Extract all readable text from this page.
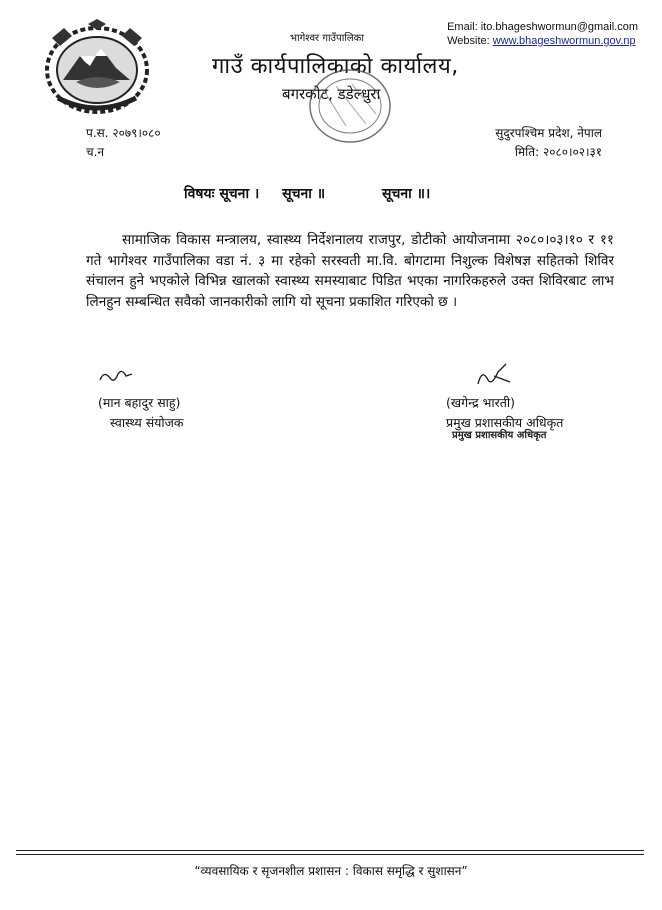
Email: ito.bhageshwormun@gmail.com
Website: www.bhageshwormun.gov.np
भागेश्वर गाउँपालिका
गाउँ कार्यपालिकाको कार्यालय,
बगरकोट, डडेल्धुरा
प.स. २०७९।०८०
च.न
सुदुरपश्चिम प्रदेश, नेपाल
मिति: २०८०।०२।३१
विषयः सूचना । सूचना ॥	सूचना ॥।
सामाजिक विकास मन्त्रालय, स्वास्थ्य निर्देशनालय राजपुर, डोटीको आयोजनामा २०८०।०३।१० र ११ गते भागेश्वर गाउँपालिका वडा नं. ३ मा रहेको सरस्वती मा.वि. बोगटामा निशुल्क विशेषज्ञ सहितको शिविर संचालन हुने भएकोले विभिन्न खालको स्वास्थ्य समस्याबाट पिडित भएका नागरिकहरुले उक्त शिविरबाट लाभ लिनहुन सम्बन्धित सवैको जानकारीको लागि यो सूचना प्रकाशित गरिएको छ ।
(मान बहादुर साहु)
स्वास्थ्य संयोजक
(खगेन्द्र भारती)
प्रमुख प्रशासकीय अधिकृत
प्रमुख प्रशासकीय अधिकृत
“व्यवसायिक र सृजनशील प्रशासन : विकास समृद्धि र सुशासन”
